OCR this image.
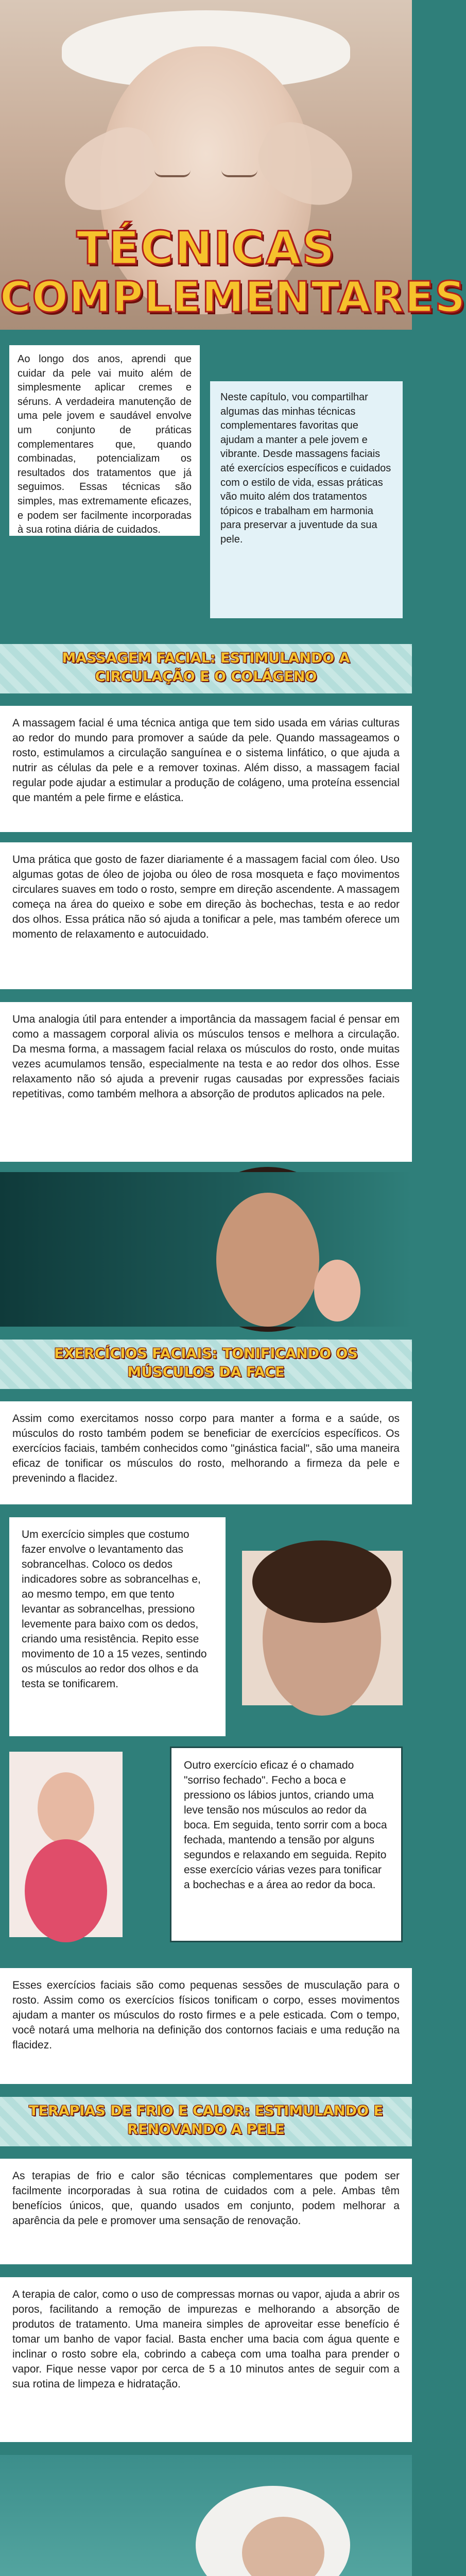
TÉCNICAS
COMPLEMENTARES
Ao longo dos anos, aprendi que cuidar da pele vai muito além de simplesmente aplicar cremes e séruns. A verdadeira manutenção de uma pele jovem e saudável envolve um conjunto de práticas complementares que, quando combinadas, potencializam os resultados dos tratamentos que já seguimos. Essas técnicas são simples, mas extremamente eficazes, e podem ser facilmente incorporadas à sua rotina diária de cuidados.
Neste capítulo, vou compartilhar algumas das minhas técnicas complementares favoritas que ajudam a manter a pele jovem e vibrante. Desde massagens faciais até exercícios específicos e cuidados com o estilo de vida, essas práticas vão muito além dos tratamentos tópicos e trabalham em harmonia para preservar a juventude da sua pele.
MASSAGEM FACIAL: ESTIMULANDO A
CIRCULAÇÃO E O COLÁGENO
A massagem facial é uma técnica antiga que tem sido usada em várias culturas ao redor do mundo para promover a saúde da pele. Quando massageamos o rosto, estimulamos a circulação sanguínea e o sistema linfático, o que ajuda a nutrir as células da pele e a remover toxinas. Além disso, a massagem facial regular pode ajudar a estimular a produção de colágeno, uma proteína essencial que mantém a pele firme e elástica.
Uma prática que gosto de fazer diariamente é a massagem facial com óleo. Uso algumas gotas de óleo de jojoba ou óleo de rosa mosqueta e faço movimentos circulares suaves em todo o rosto, sempre em direção ascendente. A massagem começa na área do queixo e sobe em direção às bochechas, testa e ao redor dos olhos. Essa prática não só ajuda a tonificar a pele, mas também oferece um momento de relaxamento e autocuidado.
Uma analogia útil para entender a importância da massagem facial é pensar em como a massagem corporal alivia os músculos tensos e melhora a circulação. Da mesma forma, a massagem facial relaxa os músculos do rosto, onde muitas vezes acumulamos tensão, especialmente na testa e ao redor dos olhos. Esse relaxamento não só ajuda a prevenir rugas causadas por expressões faciais repetitivas, como também melhora a absorção de produtos aplicados na pele.
EXERCÍCIOS FACIAIS: TONIFICANDO OS
MÚSCULOS DA FACE
Assim como exercitamos nosso corpo para manter a forma e a saúde, os músculos do rosto também podem se beneficiar de exercícios específicos. Os exercícios faciais, também conhecidos como "ginástica facial", são uma maneira eficaz de tonificar os músculos do rosto, melhorando a firmeza da pele e prevenindo a flacidez.
Um exercício simples que costumo fazer envolve o levantamento das sobrancelhas. Coloco os dedos indicadores sobre as sobrancelhas e, ao mesmo tempo, em que tento levantar as sobrancelhas, pressiono levemente para baixo com os dedos, criando uma resistência. Repito esse movimento de 10 a 15 vezes, sentindo os músculos ao redor dos olhos e da testa se tonificarem.
Outro exercício eficaz é o chamado "sorriso fechado". Fecho a boca e pressiono os lábios juntos, criando uma leve tensão nos músculos ao redor da boca. Em seguida, tento sorrir com a boca fechada, mantendo a tensão por alguns segundos e relaxando em seguida. Repito esse exercício várias vezes para tonificar a bochechas e a área ao redor da boca.
Esses exercícios faciais são como pequenas sessões de musculação para o rosto. Assim como os exercícios físicos tonificam o corpo, esses movimentos ajudam a manter os músculos do rosto firmes e a pele esticada. Com o tempo, você notará uma melhoria na definição dos contornos faciais e uma redução na flacidez.
TERAPIAS DE FRIO E CALOR: ESTIMULANDO E
RENOVANDO A PELE
As terapias de frio e calor são técnicas complementares que podem ser facilmente incorporadas à sua rotina de cuidados com a pele. Ambas têm benefícios únicos, que, quando usados em conjunto, podem melhorar a aparência da pele e promover uma sensação de renovação.
A terapia de calor, como o uso de compressas mornas ou vapor, ajuda a abrir os poros, facilitando a remoção de impurezas e melhorando a absorção de produtos de tratamento. Uma maneira simples de aproveitar esse benefício é tomar um banho de vapor facial. Basta encher uma bacia com água quente e inclinar o rosto sobre ela, cobrindo a cabeça com uma toalha para prender o vapor. Fique nesse vapor por cerca de 5 a 10 minutos antes de seguir com a sua rotina de limpeza e hidratação.
